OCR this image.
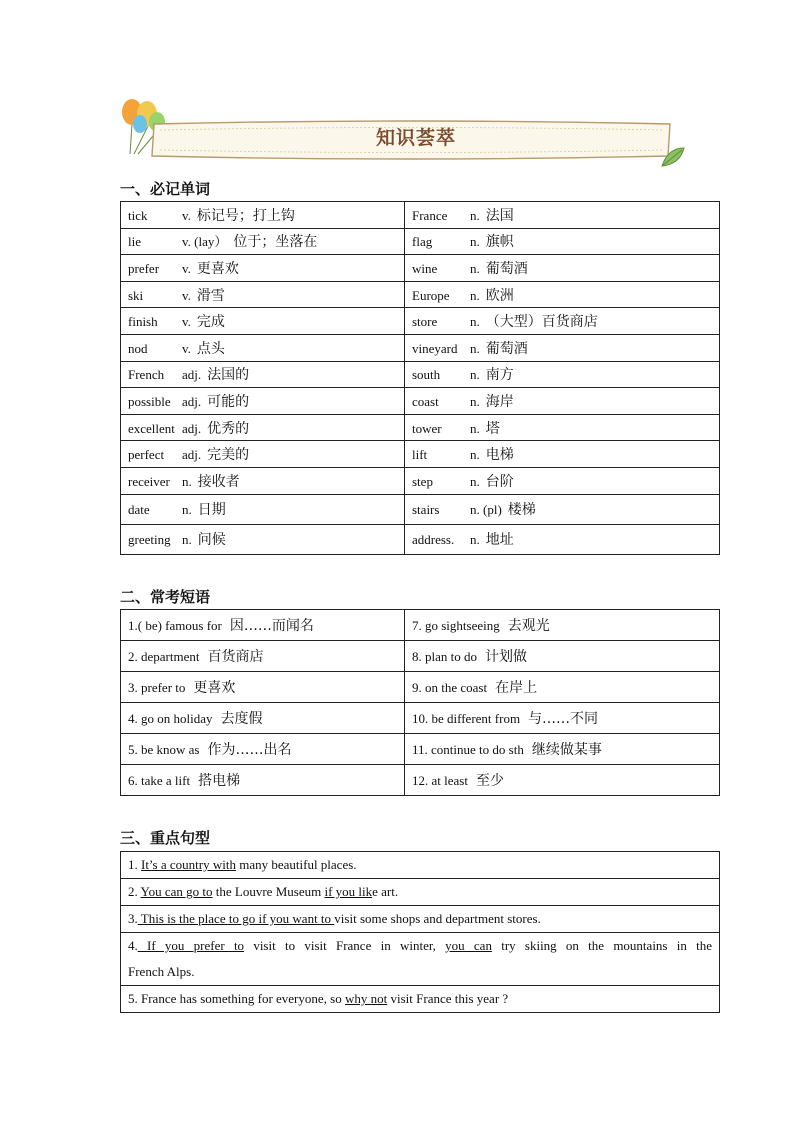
知识荟萃
一、必记单词
tick v. 标记号；打上钩	France n. 法国
lie v. (lay） 位于；坐落在	flag n. 旗帜
prefer v. 更喜欢	wine n. 葡萄酒
ski v. 滑雪	Europe n. 欧洲
finish v. 完成	store n. （大型）百货商店
nod v. 点头	vineyard n. 葡萄酒
French adj. 法国的	south n. 南方
possible adj. 可能的	coast n. 海岸
excellent adj. 优秀的	tower n. 塔
perfect adj. 完美的	lift n. 电梯
receiver n. 接收者	step n. 台阶
date n. 日期	stairs n. (pl) 楼梯
greeting n. 问候	address. n. 地址
二、常考短语
1.( be) famous for 因……而闻名	7. go sightseeing 去观光
2. department 百货商店	8. plan to do 计划做
3. prefer to 更喜欢	9. on the coast 在岸上
4. go on holiday 去度假	10. be different from 与……不同
5. be know as 作为……出名	11. continue to do sth 继续做某事
6. take a lift 搭电梯	12. at least 至少
三、重点句型
1. It’s a country with many beautiful places.
2. You can go to the Louvre Museum if you like art.
3. This is the place to go if you want to visit some shops and department stores.

4. If you prefer to visit to visit France in winter, you can try skiing on the mountains in the
French Alps.
5. France has something for everyone, so why not visit France this year ?
